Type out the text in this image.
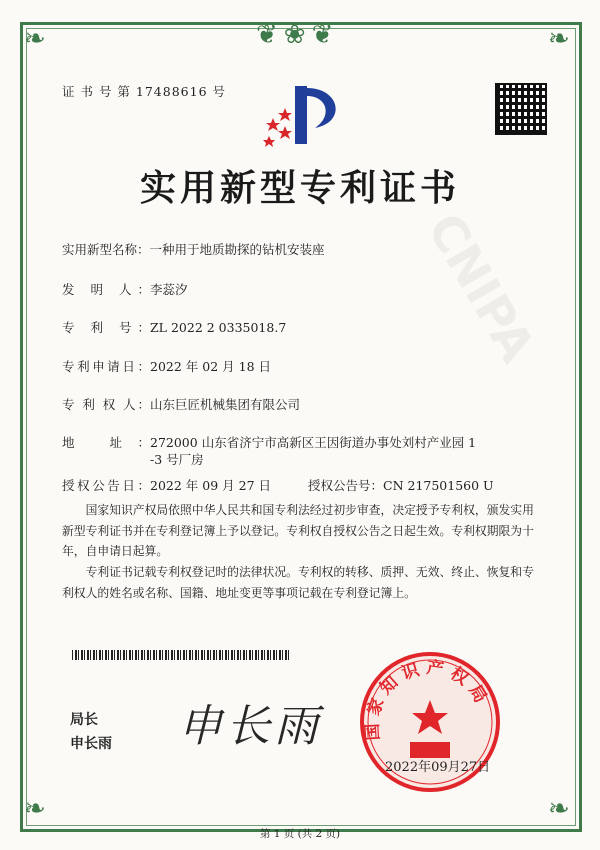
❦❀❦
❧	❧
❧	❧
CNIPA
证 书 号 第 17488616 号
实用新型专利证书
实用新型名称：一种用于地质勘探的钻机安装座
发 明 人：李蕊汐
专 利 号：ZL 2022 2 0335018.7
专利申请日：2022 年 02 月 18 日
专 利 权 人：山东巨匠机械集团有限公司
地 址：272000 山东省济宁市高新区王因街道办事处刘村产业园 1
-3 号厂房
授权公告日：2022 年 09 月 27 日	授权公告号：CN 217501560 U

国家知识产权局依照中华人民共和国专利法经过初步审查，决定授予专利权，颁发实用新型专利证书并在专利登记簿上予以登记。专利权自授权公告之日起生效。专利权期限为十年，自申请日起算。

专利证书记载专利权登记时的法律状况。专利权的转移、质押、无效、终止、恢复和专利权人的姓名或名称、国籍、地址变更等事项记载在专利登记簿上。

局长
申长雨 申长雨 国家知识产权局
2022年09月27日
第 1 页 (共 2 页)
